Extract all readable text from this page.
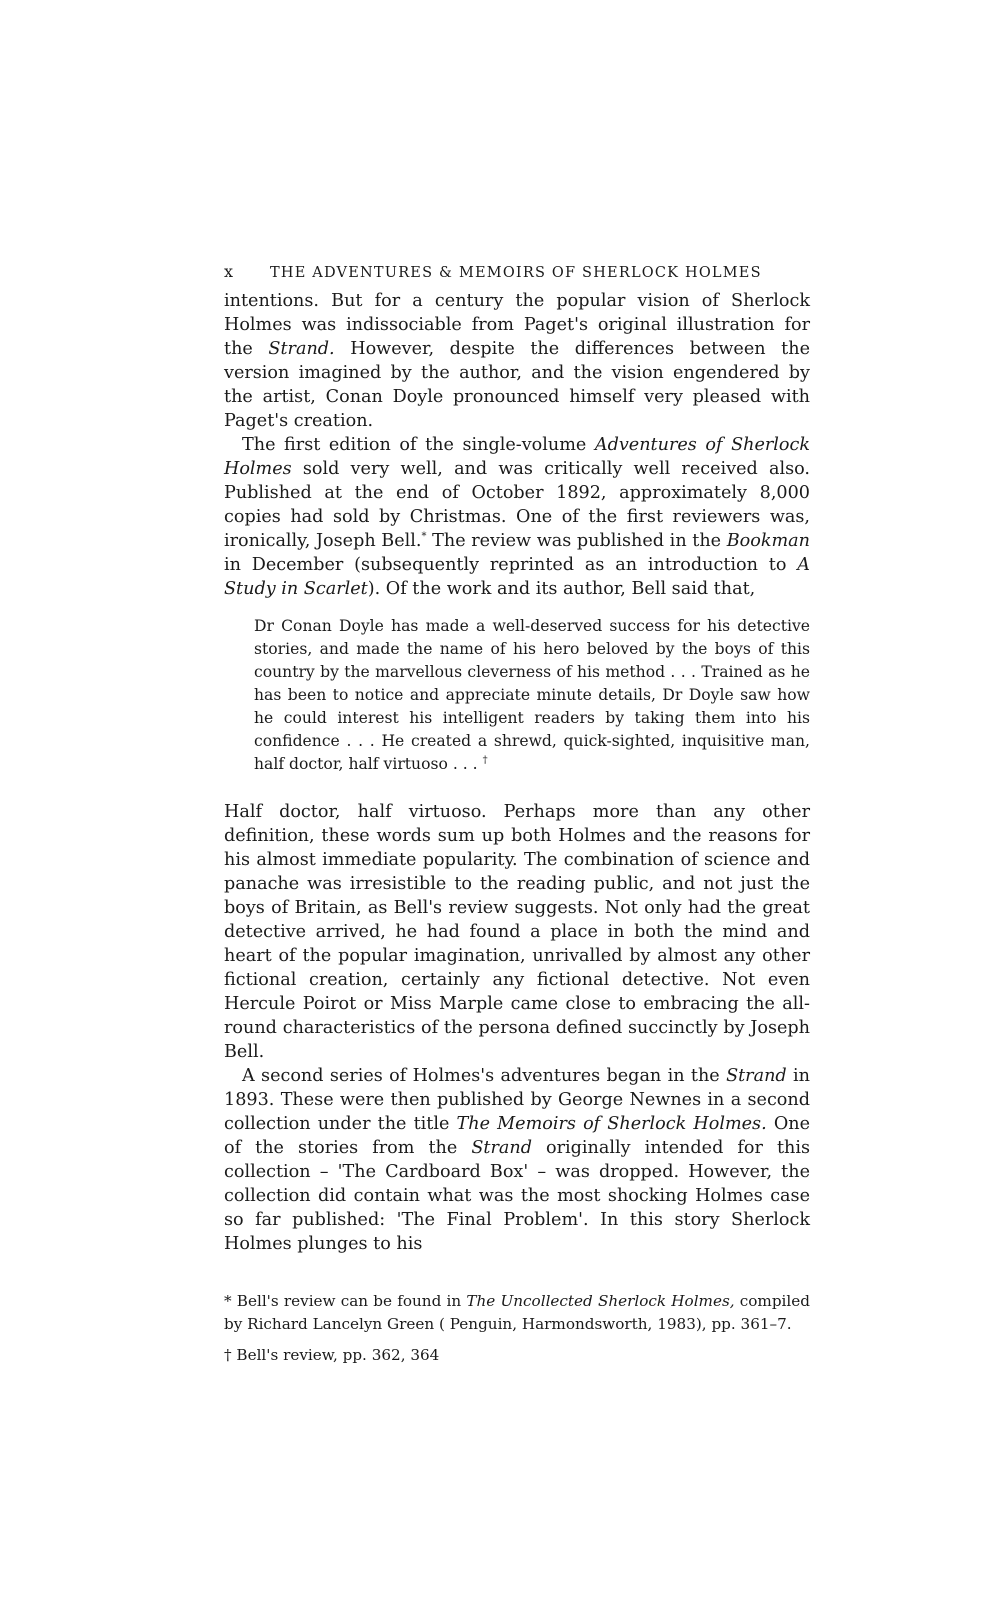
x	THE ADVENTURES & MEMOIRS OF SHERLOCK HOLMES

intentions. But for a century the popular vision of Sherlock Holmes was indissociable from Paget's original illustration for the Strand. However, despite the differences between the version imagined by the author, and the vision engendered by the artist, Conan Doyle pronounced himself very pleased with Paget's creation.

The first edition of the single-volume Adventures of Sherlock Holmes sold very well, and was critically well received also. Published at the end of October 1892, approximately 8,000 copies had sold by Christmas. One of the first reviewers was, ironically, Joseph Bell.* The review was published in the Bookman in December (subsequently reprinted as an introduction to A Study in Scarlet). Of the work and its author, Bell said that,

Dr Conan Doyle has made a well-deserved success for his detective stories, and made the name of his hero beloved by the boys of this country by the marvellous cleverness of his method . . . Trained as he has been to notice and appreciate minute details, Dr Doyle saw how he could interest his intelligent readers by taking them into his confidence . . . He created a shrewd, quick-sighted, inquisitive man, half doctor, half virtuoso . . . †

Half doctor, half virtuoso. Perhaps more than any other definition, these words sum up both Holmes and the reasons for his almost immediate popularity. The combination of science and panache was irresistible to the reading public, and not just the boys of Britain, as Bell's review suggests. Not only had the great detective arrived, he had found a place in both the mind and heart of the popular imagination, unrivalled by almost any other fictional creation, certainly any fictional detective. Not even Hercule Poirot or Miss Marple came close to embracing the all-round characteristics of the persona defined succinctly by Joseph Bell.

A second series of Holmes's adventures began in the Strand in 1893. These were then published by George Newnes in a second collection under the title The Memoirs of Sherlock Holmes. One of the stories from the Strand originally intended for this collection – 'The Cardboard Box' – was dropped. However, the collection did contain what was the most shocking Holmes case so far published: 'The Final Problem'. In this story Sherlock Holmes plunges to his

* Bell's review can be found in The Uncollected Sherlock Holmes, compiled by Richard Lancelyn Green ( Penguin, Harmondsworth, 1983), pp. 361–7.

† Bell's review, pp. 362, 364
